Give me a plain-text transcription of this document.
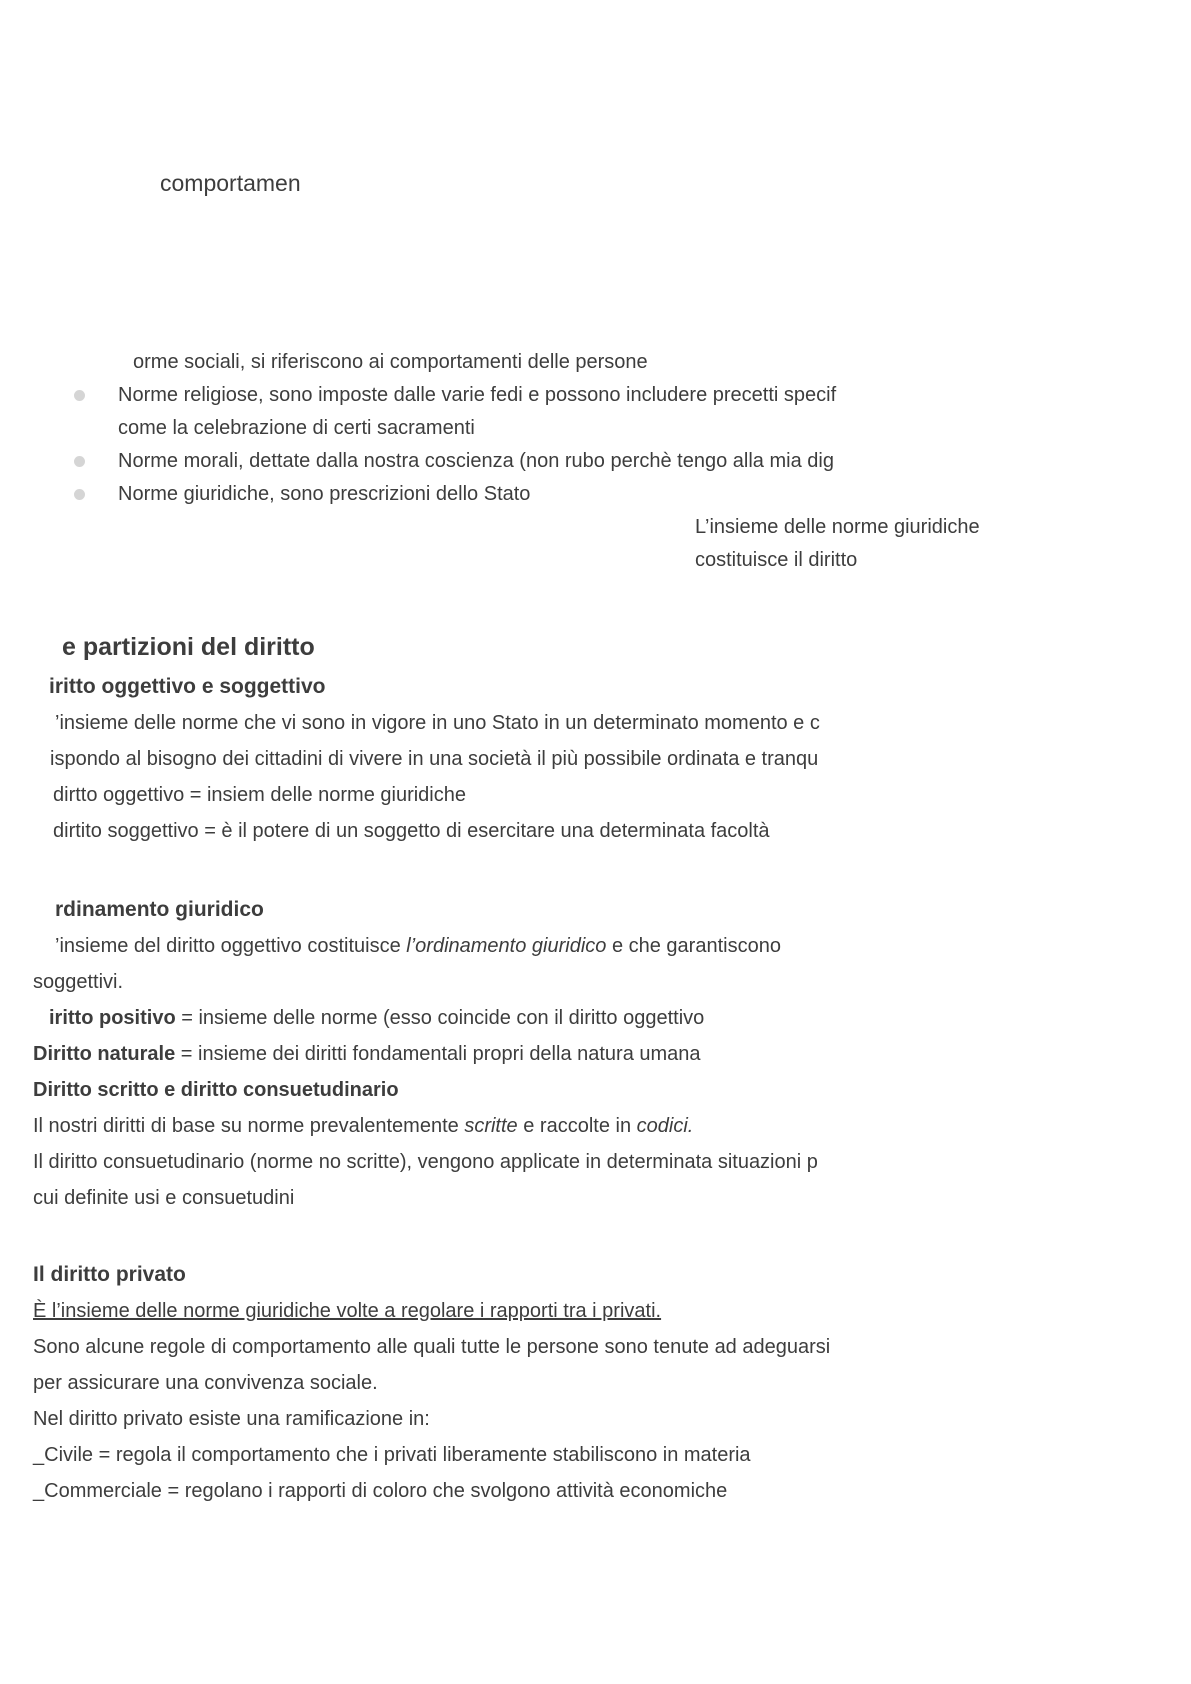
comportamen
orme sociali, si riferiscono ai comportamenti delle persone
Norme religiose, sono imposte dalle varie fedi e possono includere precetti specif
come la celebrazione di certi sacramenti
Norme morali, dettate dalla nostra coscienza (non rubo perchè tengo alla mia dig
Norme giuridiche, sono prescrizioni dello Stato
L’insieme delle norme giuridiche
costituisce il diritto
e partizioni del diritto
iritto oggettivo e soggettivo
’insieme delle norme che vi sono in vigore in uno Stato in un determinato momento e c
ispondo al bisogno dei cittadini di vivere in una società il più possibile ordinata e tranqu
dirtto oggettivo = insiem delle norme giuridiche
dirtito soggettivo = è il potere di un soggetto di esercitare una determinata facoltà
rdinamento giuridico
’insieme del diritto oggettivo costituisce l’ordinamento giuridico e che garantiscono
soggettivi.
iritto positivo = insieme delle norme (esso coincide con il diritto oggettivo
Diritto naturale = insieme dei diritti fondamentali propri della natura umana
Diritto scritto e diritto consuetudinario
Il nostri diritti di base su norme prevalentemente scritte e raccolte in codici.
Il diritto consuetudinario (norme no scritte), vengono applicate in determinata situazioni p
cui definite usi e consuetudini
Il diritto privato
È l’insieme delle norme giuridiche volte a regolare i rapporti tra i privati.
Sono alcune regole di comportamento alle quali tutte le persone sono tenute ad adeguarsi
per assicurare una convivenza sociale.
Nel diritto privato esiste una ramificazione in:
_Civile = regola il comportamento che i privati liberamente stabiliscono in materia
_Commerciale = regolano i rapporti di coloro che svolgono attività economiche
